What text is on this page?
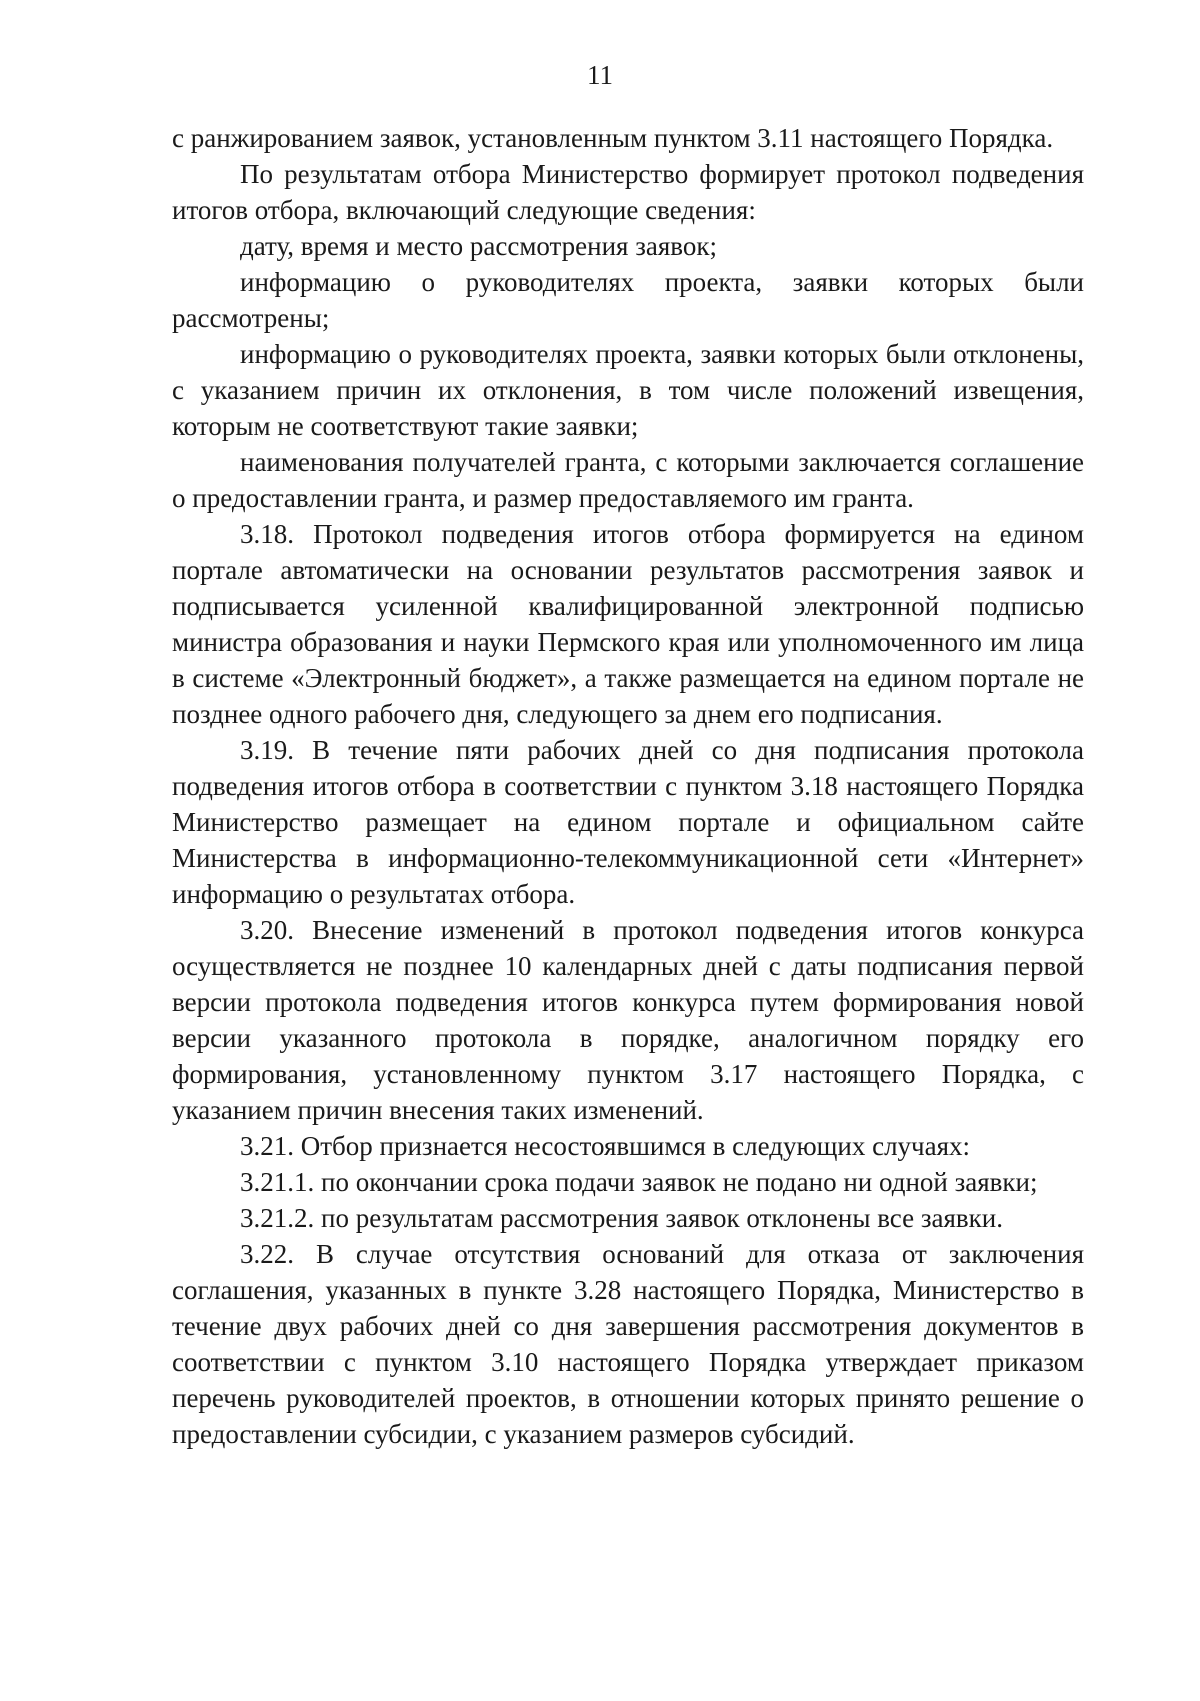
11

с ранжированием заявок, установленным пунктом 3.11 настоящего Порядка.

По результатам отбора Министерство формирует протокол подведения итогов отбора, включающий следующие сведения:

дату, время и место рассмотрения заявок;

информацию о руководителях проекта, заявки которых были рассмотрены;

информацию о руководителях проекта, заявки которых были отклонены, с указанием причин их отклонения, в том числе положений извещения, которым не соответствуют такие заявки;

наименования получателей гранта, с которыми заключается соглашение о предоставлении гранта, и размер предоставляемого им гранта.

3.18. Протокол подведения итогов отбора формируется на едином портале автоматически на основании результатов рассмотрения заявок и подписывается усиленной квалифицированной электронной подписью министра образования и науки Пермского края или уполномоченного им лица в системе «Электронный бюджет», а также размещается на едином портале не позднее одного рабочего дня, следующего за днем его подписания.

3.19. В течение пяти рабочих дней со дня подписания протокола подведения итогов отбора в соответствии с пунктом 3.18 настоящего Порядка Министерство размещает на едином портале и официальном сайте Министерства в информационно-телекоммуникационной сети «Интернет» информацию о результатах отбора.

3.20. Внесение изменений в протокол подведения итогов конкурса осуществляется не позднее 10 календарных дней с даты подписания первой версии протокола подведения итогов конкурса путем формирования новой версии указанного протокола в порядке, аналогичном порядку его формирования, установленному пунктом 3.17 настоящего Порядка, с указанием причин внесения таких изменений.

3.21. Отбор признается несостоявшимся в следующих случаях:

3.21.1. по окончании срока подачи заявок не подано ни одной заявки;

3.21.2. по результатам рассмотрения заявок отклонены все заявки.

3.22. В случае отсутствия оснований для отказа от заключения соглашения, указанных в пункте 3.28 настоящего Порядка, Министерство в течение двух рабочих дней со дня завершения рассмотрения документов в соответствии с пунктом 3.10 настоящего Порядка утверждает приказом перечень руководителей проектов, в отношении которых принято решение о предоставлении субсидии, с указанием размеров субсидий.
